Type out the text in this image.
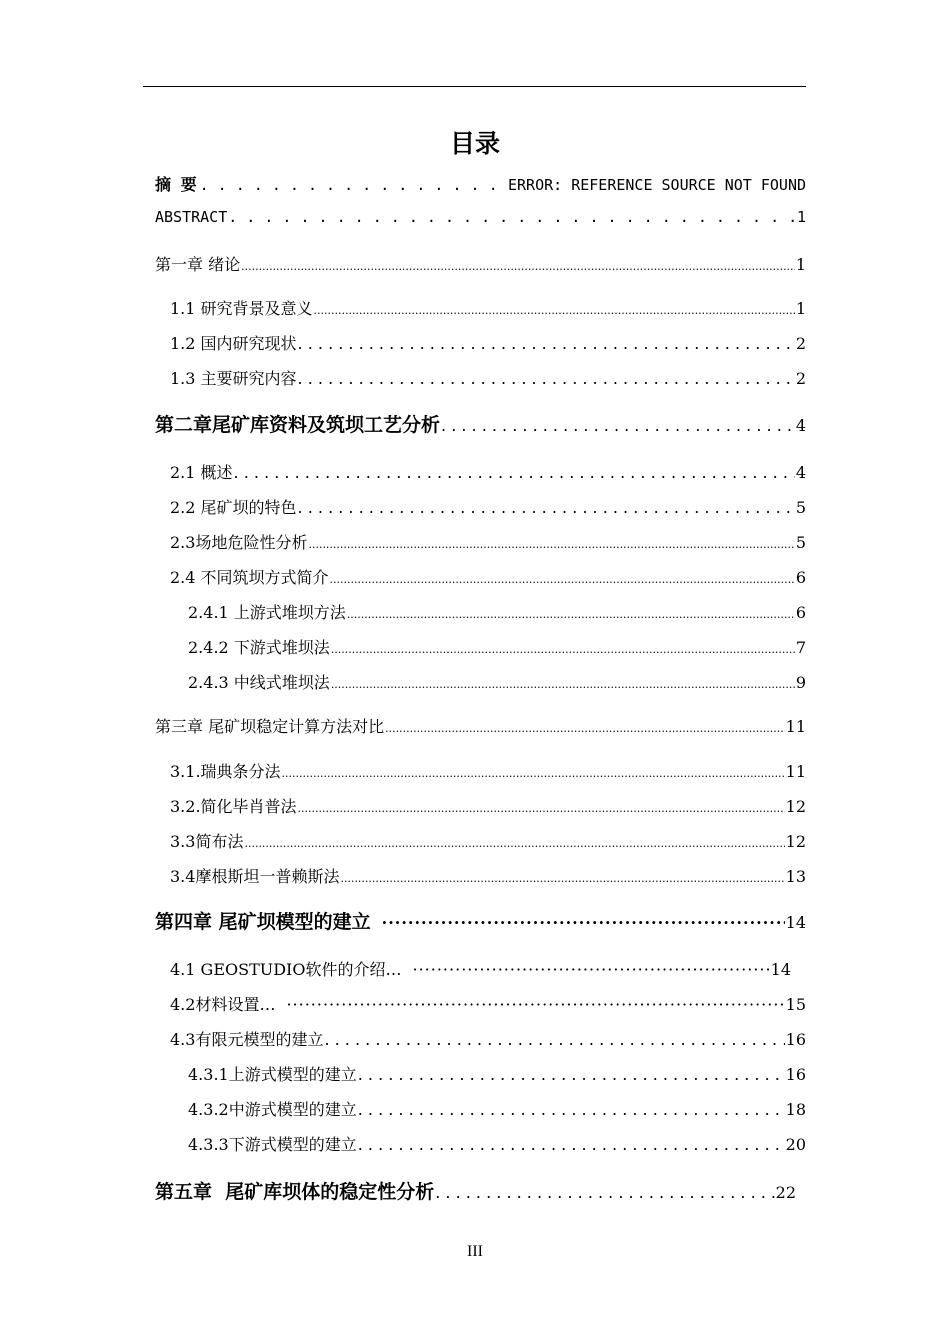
目录
摘 要 . . .	ERROR: REFERENCE SOURCE NOT FOUND
ABSTRACT . . .	1
第一章 绪论 .....	1
1.1 研究背景及意义 .....	1
1.2 国内研究现状 . . .	2
1.3 主要研究内容 . . .	2
第二章尾矿库资料及筑坝工艺分析 . . .	4
2.1 概述 . . .	4
2.2 尾矿坝的特色 . . .	5
2.3场地危险性分析 .....	5
2.4 不同筑坝方式简介 .....	6
2.4.1 上游式堆坝方法 .....	6
2.4.2 下游式堆坝法 .....	7
2.4.3 中线式堆坝法 .....	9
第三章 尾矿坝稳定计算方法对比 .....	11
3.1.瑞典条分法 .....	11
3.2.简化毕肖普法 .....	12
3.3简布法 .....	12
3.4摩根斯坦一普赖斯法 .....	13
第四章 尾矿坝模型的建立 ·····	14
4.1 GEOSTUDIO软件的介绍… ·····	14
4.2材料设置… ·····	15
4.3有限元模型的建立 . . .	16
4.3.1上游式模型的建立 . . .	16
4.3.2中游式模型的建立 . . .	18
4.3.3下游式模型的建立 . . .	20
第五章  尾矿库坝体的稳定性分析 . . .	22
III
